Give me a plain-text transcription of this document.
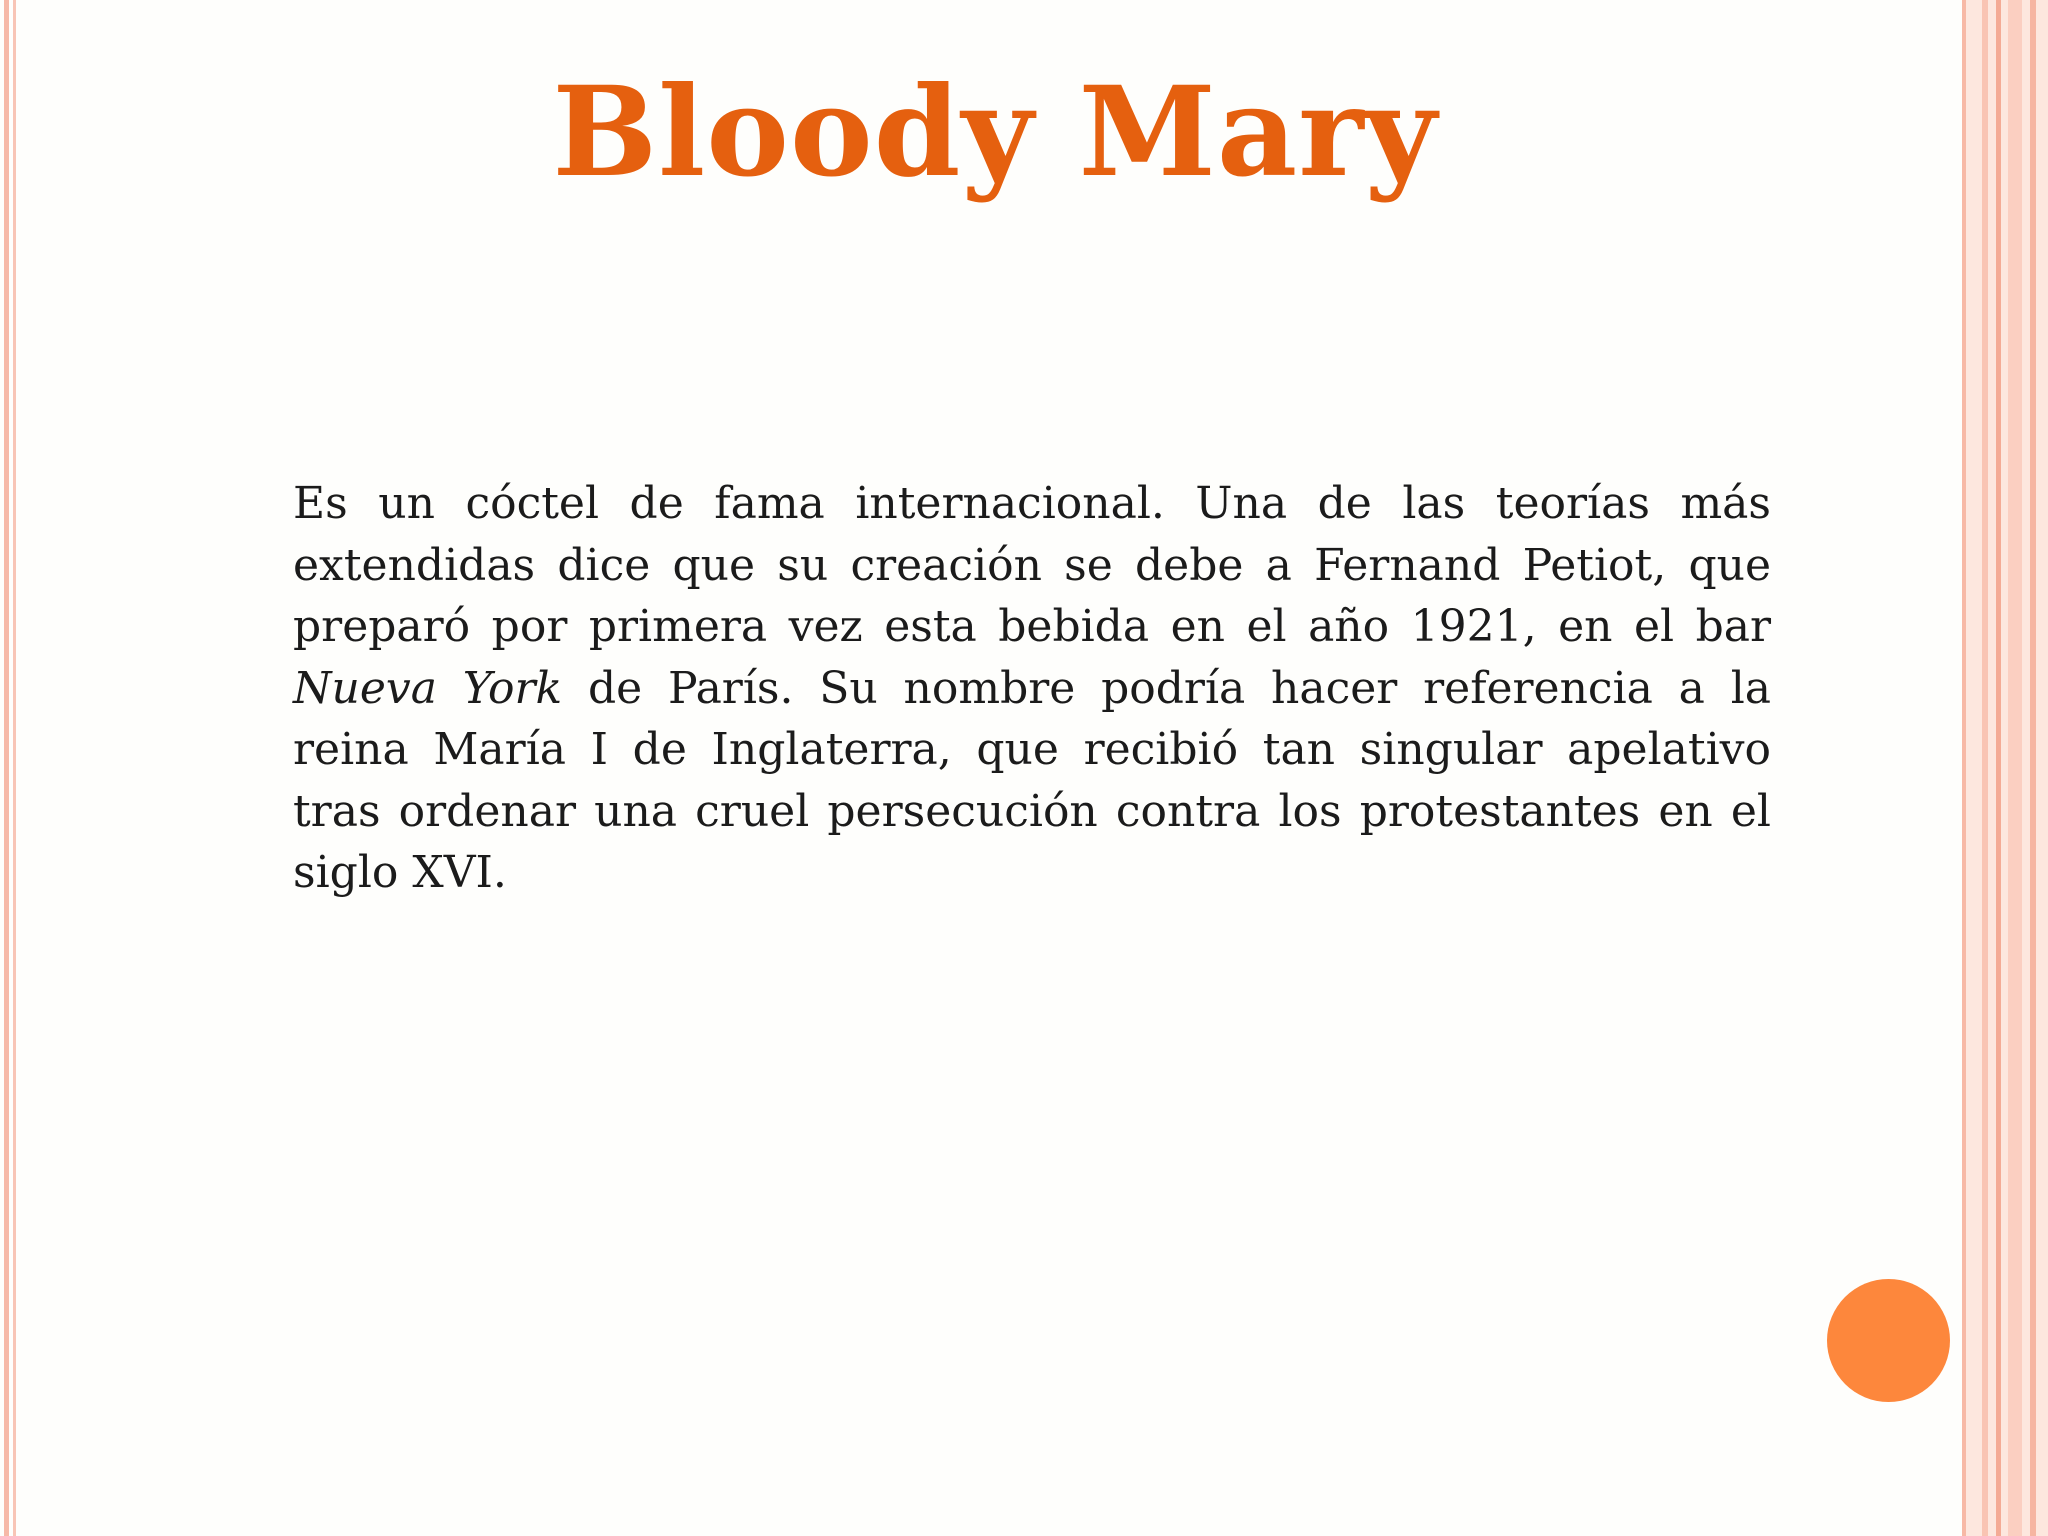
Bloody Mary

Es un cóctel de fama internacional. Una de las teorías más extendidas dice que su creación se debe a Fernand Petiot, que preparó por primera vez esta bebida en el año 1921, en el bar Nueva York de París. Su nombre podría hacer referencia a la reina María I de Inglaterra, que recibió tan singular apelativo tras ordenar una cruel persecución contra los protestantes en el siglo XVI.
